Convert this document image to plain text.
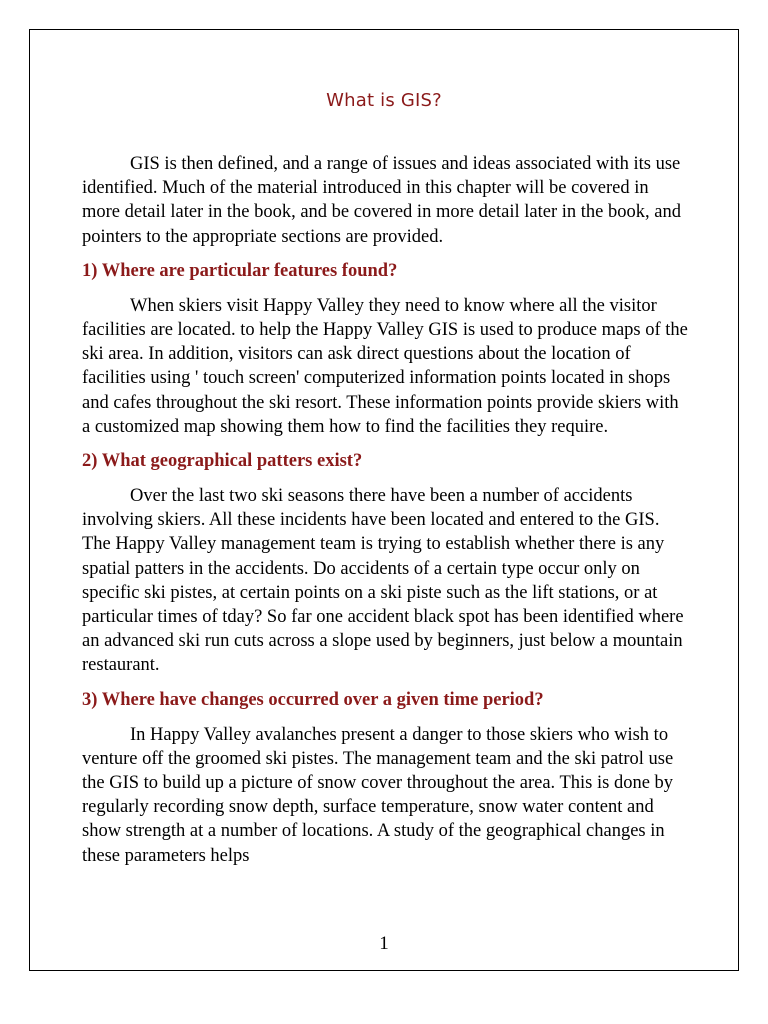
What is GIS?

GIS is then defined, and a range of issues and ideas associated with its use identified. Much of the material introduced in this chapter will be covered in more detail later in the book, and be covered in more detail later in the book, and pointers to the appropriate sections are provided.

1) Where are particular features found?

When skiers visit Happy Valley they need to know where all the visitor facilities are located. to help the Happy Valley GIS is used to produce maps of the ski area. In addition, visitors can ask direct questions about the location of facilities using ' touch screen' computerized information points located in shops and cafes throughout the ski resort. These information points provide skiers with a customized map showing them how to find the facilities they require.

2) What geographical patters exist?

Over the last two ski seasons there have been a number of accidents involving skiers. All these incidents have been located and entered to the GIS. The Happy Valley management team is trying to establish whether there is any spatial patters in the accidents. Do accidents of a certain type occur only on specific ski pistes, at certain points on a ski piste such as the lift stations, or at particular times of tday? So far one accident black spot has been identified where an advanced ski run cuts across a slope used by beginners, just below a mountain restaurant.

3) Where have changes occurred over a given time period?

In Happy Valley avalanches present a danger to those skiers who wish to venture off the groomed ski pistes. The management team and the ski patrol use the GIS to build up a picture of snow cover throughout the area. This is done by regularly recording snow depth, surface temperature, snow water content and show strength at a number of locations. A study of the geographical changes in these parameters helps

1
